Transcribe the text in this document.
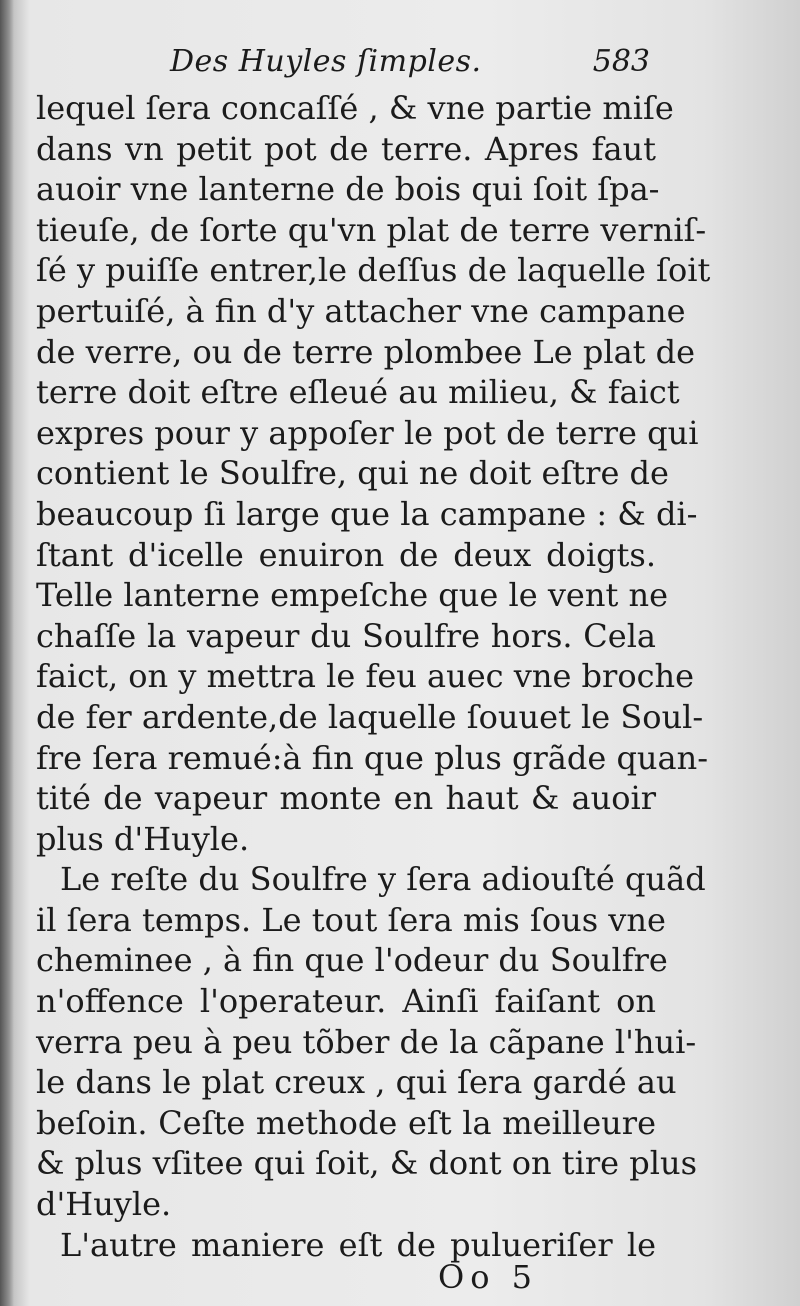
Des Huyles ſimples.	583
lequel ſera concaſſé , & vne partie miſe
dans vn petit pot de terre. Apres faut
auoir vne lanterne de bois qui ſoit ſpa-
tieuſe, de ſorte qu'vn plat de terre verniſ-
ſé y puiſſe entrer,le deſſus de laquelle ſoit
pertuiſé, à fin d'y attacher vne campane
de verre, ou de terre plombee Le plat de
terre doit eſtre eſleué au milieu, & faict
expres pour y appoſer le pot de terre qui
contient le Soulfre, qui ne doit eſtre de
beaucoup ſi large que la campane : & di-
ſtant d'icelle enuiron de deux doigts.
Telle lanterne empeſche que le vent ne
chaſſe la vapeur du Soulfre hors. Cela
faict, on y mettra le feu auec vne broche
de fer ardente,de laquelle ſouuet le Soul-
fre ſera remué:à fin que plus grãde quan-
tité de vapeur monte en haut & auoir
plus d'Huyle.
Le reſte du Soulfre y ſera adiouſté quãd
il ſera temps. Le tout ſera mis ſous vne
cheminee , à fin que l'odeur du Soulfre
n'offence l'operateur. Ainſi faiſant on
verra peu à peu tõber de la cãpane l'hui-
le dans le plat creux , qui ſera gardé au
beſoin. Ceſte methode eſt la meilleure
& plus vſitee qui ſoit, & dont on tire plus
d'Huyle.
L'autre maniere eſt de pulueriſer le
Oo 5
